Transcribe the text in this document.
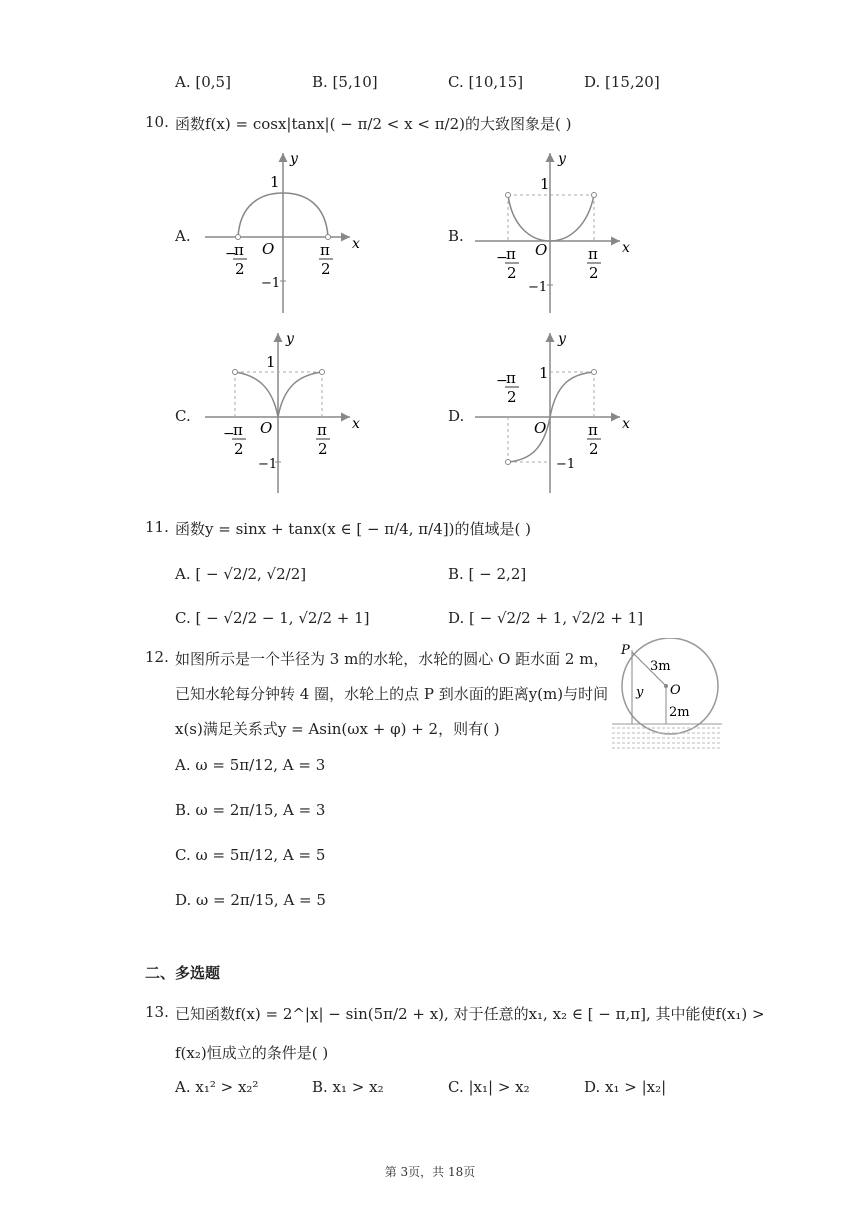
A. [0,5]	B. [5,10]	C. [10,15]	D. [15,20]
10. 函数f(x) = cosx|tanx|( − π/2 < x < π/2)的大致图象是( )
A.	B.
C.	D.
1
y
x
O
−1
−
π
2
π
2
1
y
x
O
−1
−
π
2
π
2
1
y
x
O
−1
−
π
2
π
2
1
y
x
O
−1
−
π
2
π
2
11. 函数y = sinx + tanx(x ∈ [ − π/4, π/4])的值域是( )
A. [ − √2/2, √2/2]	B. [ − 2,2]
C. [ − √2/2 − 1, √2/2 + 1]	D. [ − √2/2 + 1, √2/2 + 1]
12. 如图所示是一个半径为 3 m的水轮，水轮的圆心 O 距水面 2 m，
已知水轮每分钟转 4 圈，水轮上的点 P 到水面的距离y(m)与时间
x(s)满足关系式y = Asin(ωx + φ) + 2，则有( )
A. ω = 5π/12, A = 3
B. ω = 2π/15, A = 3
C. ω = 5π/12, A = 5
D. ω = 2π/15, A = 5
P
3m
O
y
2m
二、多选题
13. 已知函数f(x) = 2^|x| − sin(5π/2 + x), 对于任意的x₁, x₂ ∈ [ − π,π], 其中能使f(x₁) >
f(x₂)恒成立的条件是( )
A. x₁² > x₂²	B. x₁ > x₂	C. |x₁| > x₂	D. x₁ > |x₂|
第 3页，共 18页
